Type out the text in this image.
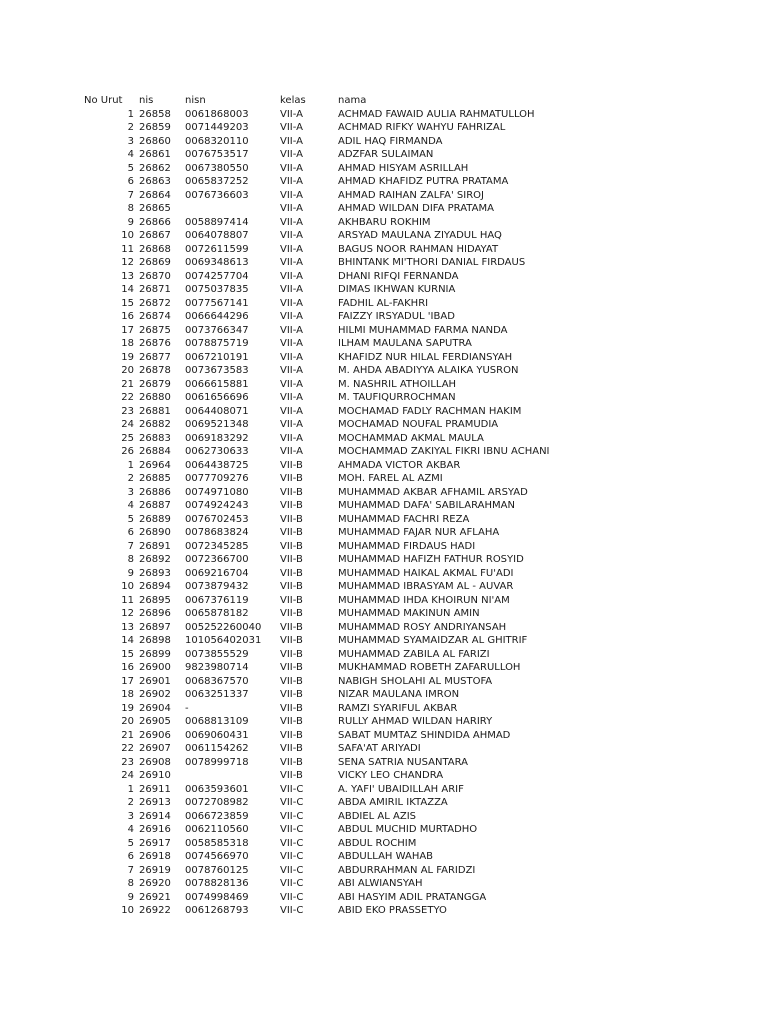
No Urut	nis	nisn	kelas	nama
1	26858	0061868003	VII-A	ACHMAD FAWAID AULIA RAHMATULLOH
2	26859	0071449203	VII-A	ACHMAD RIFKY WAHYU FAHRIZAL
3	26860	0068320110	VII-A	ADIL HAQ FIRMANDA
4	26861	0076753517	VII-A	ADZFAR SULAIMAN
5	26862	0067380550	VII-A	AHMAD HISYAM ASRILLAH
6	26863	0065837252	VII-A	AHMAD KHAFIDZ PUTRA PRATAMA
7	26864	0076736603	VII-A	AHMAD RAIHAN ZALFA' SIROJ
8	26865		VII-A	AHMAD WILDAN DIFA PRATAMA
9	26866	0058897414	VII-A	AKHBARU ROKHIM
10	26867	0064078807	VII-A	ARSYAD MAULANA ZIYADUL HAQ
11	26868	0072611599	VII-A	BAGUS NOOR RAHMAN HIDAYAT
12	26869	0069348613	VII-A	BHINTANK MI'THORI DANIAL FIRDAUS
13	26870	0074257704	VII-A	DHANI RIFQI FERNANDA
14	26871	0075037835	VII-A	DIMAS IKHWAN KURNIA
15	26872	0077567141	VII-A	FADHIL AL-FAKHRI
16	26874	0066644296	VII-A	FAIZZY IRSYADUL 'IBAD
17	26875	0073766347	VII-A	HILMI MUHAMMAD FARMA NANDA
18	26876	0078875719	VII-A	ILHAM MAULANA SAPUTRA
19	26877	0067210191	VII-A	KHAFIDZ NUR HILAL FERDIANSYAH
20	26878	0073673583	VII-A	M. AHDA ABADIYYA ALAIKA YUSRON
21	26879	0066615881	VII-A	M. NASHRIL ATHOILLAH
22	26880	0061656696	VII-A	M. TAUFIQURROCHMAN
23	26881	0064408071	VII-A	MOCHAMAD FADLY RACHMAN HAKIM
24	26882	0069521348	VII-A	MOCHAMAD NOUFAL PRAMUDIA
25	26883	0069183292	VII-A	MOCHAMMAD AKMAL MAULA
26	26884	0062730633	VII-A	MOCHAMMAD ZAKIYAL FIKRI IBNU ACHANI
1	26964	0064438725	VII-B	AHMADA VICTOR AKBAR
2	26885	0077709276	VII-B	MOH. FAREL AL AZMI
3	26886	0074971080	VII-B	MUHAMMAD AKBAR AFHAMIL ARSYAD
4	26887	0074924243	VII-B	MUHAMMAD DAFA' SABILARAHMAN
5	26889	0076702453	VII-B	MUHAMMAD FACHRI REZA
6	26890	0078683824	VII-B	MUHAMMAD FAJAR NUR AFLAHA
7	26891	0072345285	VII-B	MUHAMMAD FIRDAUS HADI
8	26892	0072366700	VII-B	MUHAMMAD HAFIZH FATHUR ROSYID
9	26893	0069216704	VII-B	MUHAMMAD HAIKAL AKMAL FU'ADI
10	26894	0073879432	VII-B	MUHAMMAD IBRASYAM AL - AUVAR
11	26895	0067376119	VII-B	MUHAMMAD IHDA KHOIRUN NI'AM
12	26896	0065878182	VII-B	MUHAMMAD MAKINUN AMIN
13	26897	005252260040	VII-B	MUHAMMAD ROSY ANDRIYANSAH
14	26898	101056402031	VII-B	MUHAMMAD SYAMAIDZAR AL GHITRIF
15	26899	0073855529	VII-B	MUHAMMAD ZABILA AL FARIZI
16	26900	9823980714	VII-B	MUKHAMMAD ROBETH ZAFARULLOH
17	26901	0068367570	VII-B	NABIGH SHOLAHI AL MUSTOFA
18	26902	0063251337	VII-B	NIZAR MAULANA IMRON
19	26904	-	VII-B	RAMZI SYARIFUL AKBAR
20	26905	0068813109	VII-B	RULLY AHMAD WILDAN HARIRY
21	26906	0069060431	VII-B	SABAT MUMTAZ SHINDIDA AHMAD
22	26907	0061154262	VII-B	SAFA'AT ARIYADI
23	26908	0078999718	VII-B	SENA SATRIA NUSANTARA
24	26910		VII-B	VICKY LEO CHANDRA
1	26911	0063593601	VII-C	A. YAFI' UBAIDILLAH ARIF
2	26913	0072708982	VII-C	ABDA AMIRIL IKTAZZA
3	26914	0066723859	VII-C	ABDIEL AL AZIS
4	26916	0062110560	VII-C	ABDUL MUCHID MURTADHO
5	26917	0058585318	VII-C	ABDUL ROCHIM
6	26918	0074566970	VII-C	ABDULLAH WAHAB
7	26919	0078760125	VII-C	ABDURRAHMAN AL FARIDZI
8	26920	0078828136	VII-C	ABI ALWIANSYAH
9	26921	0074998469	VII-C	ABI HASYIM ADIL PRATANGGA
10	26922	0061268793	VII-C	ABID EKO PRASSETYO
